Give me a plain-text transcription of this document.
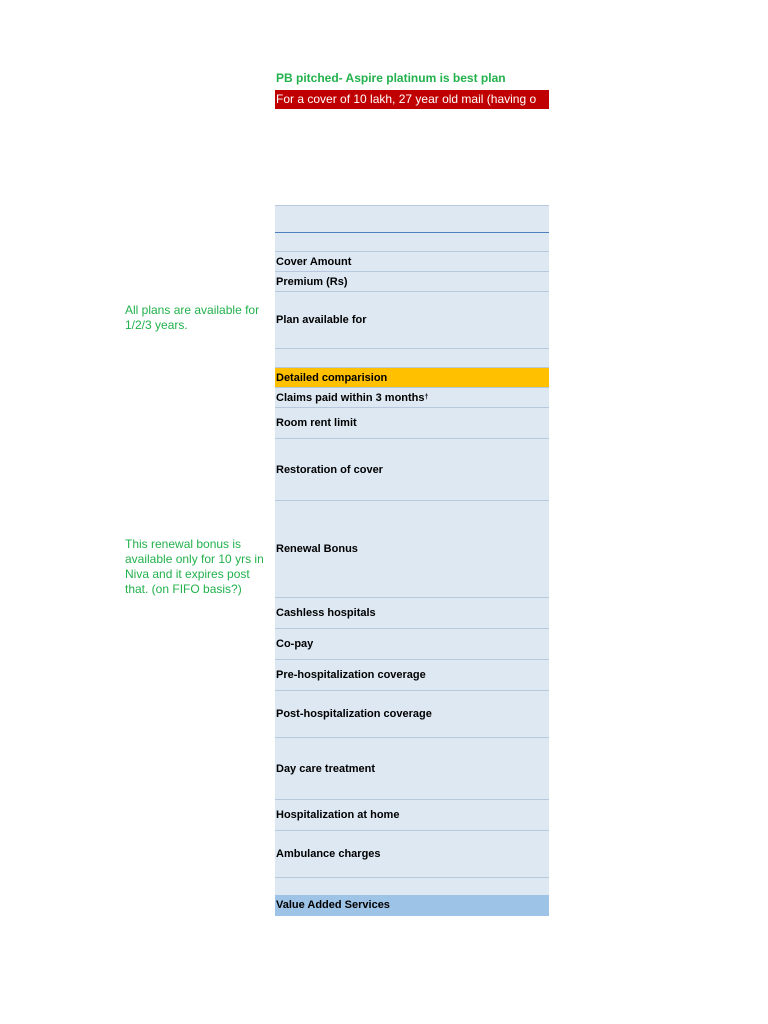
PB pitched- Aspire platinum is best plan
For a cover of 10 lakh, 27 year old mail (having o
All plans are available for 1/2/3 years.
This renewal bonus is available only for 10 yrs in Niva and it expires post that. (on FIFO basis?)
Cover Amount
Premium (Rs)
Plan available for
Detailed comparision
Claims paid within 3 months †
Room rent limit
Restoration of cover
Renewal Bonus
Cashless hospitals
Co-pay
Pre-hospitalization coverage
Post-hospitalization coverage
Day care treatment
Hospitalization at home
Ambulance charges
Value Added Services
